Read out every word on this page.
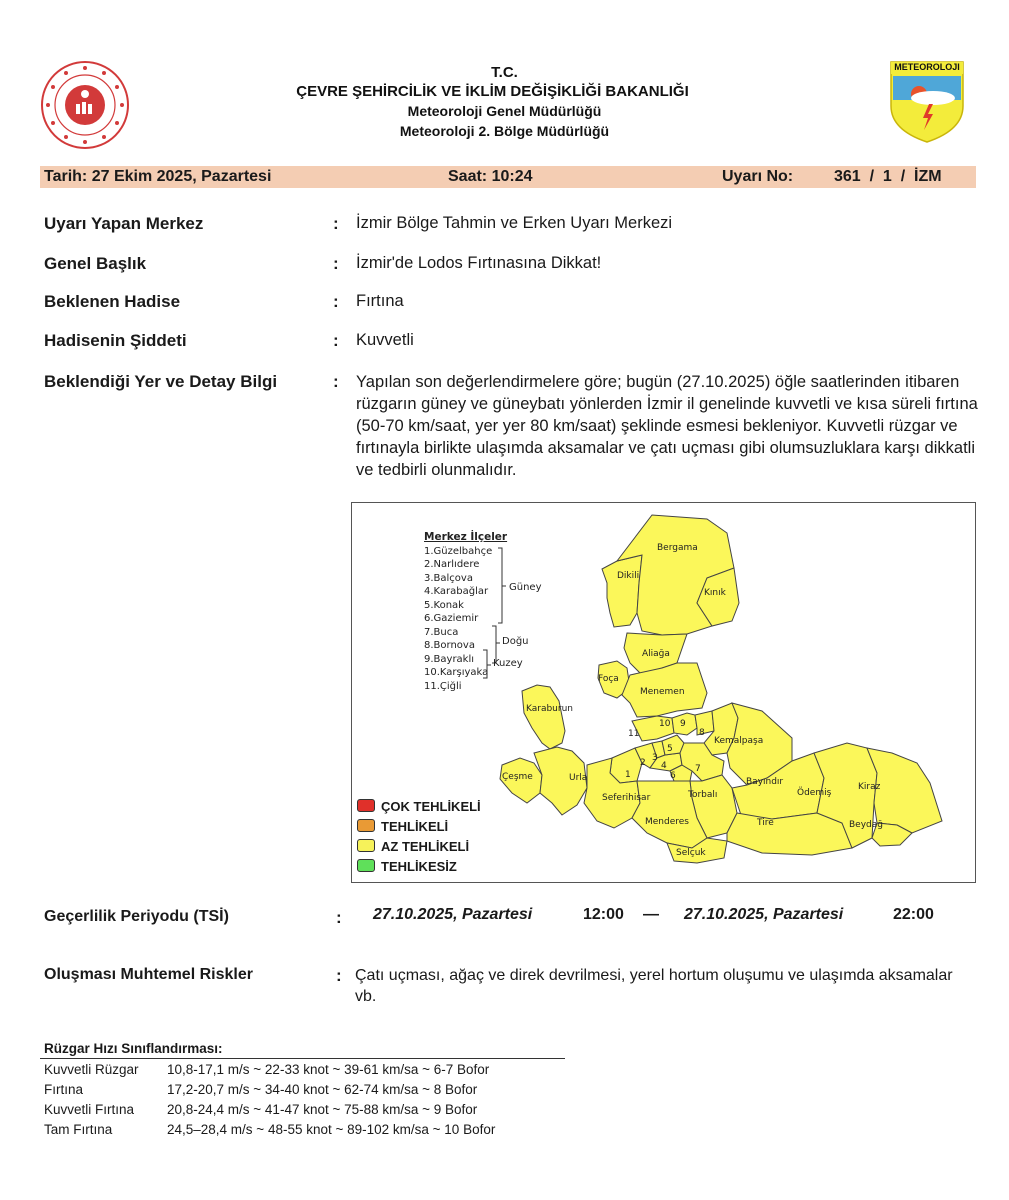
METEOROLOJI
T.C.
ÇEVRE ŞEHİRCİLİK VE İKLİM DEĞİŞİKLİĞİ BAKANLIĞI
Meteoroloji Genel Müdürlüğü
Meteoroloji 2. Bölge Müdürlüğü
Tarih: 27 Ekim 2025, Pazartesi	Saat: 10:24	Uyarı No:	361  /  1  /  İZM
Uyarı Yapan Merkez	: İzmir Bölge Tahmin ve Erken Uyarı Merkezi
Genel Başlık	: İzmir'de Lodos Fırtınasına Dikkat!
Beklenen Hadise	: Fırtına
Hadisenin Şiddeti	: Kuvvetli
Beklendiği Yer ve Detay Bilgi	: Yapılan son değerlendirmelere göre; bugün (27.10.2025) öğle saatlerinden itibaren rüzgarın güney ve güneybatı yönlerden İzmir il genelinde kuvvetli ve kısa süreli fırtına (50-70 km/saat, yer yer 80 km/saat) şeklinde esmesi bekleniyor. Kuvvetli rüzgar ve fırtınayla birlikte ulaşımda aksamalar ve çatı uçması gibi olumsuzluklara karşı dikkatli ve tedbirli olunmalıdır.
Bergama
Dikili
Kınık
Aliağa
Foça
Menemen
Karaburun
Kemalpaşa
Çeşme	Urla
Seferihisar	Torbalı
Bayındır
Ödemiş
Kiraz
Menderes	Tire	Beydağ
Selçuk
1
2 3
4
5
6
7
8
9
10
11
Merkez İlçeler
1.Güzelbahçe
2.Narlıdere
3.Balçova
4.Karabağlar
5.Konak
6.Gaziemir
7.Buca
8.Bornova
9.Bayraklı
10.Karşıyaka
11.Çiğli
Güney
Doğu
Kuzey
ÇOK TEHLİKELİ
TEHLİKELİ
AZ TEHLİKELİ
TEHLİKESİZ
Geçerlilik Periyodu (TSİ)	: 27.10.2025, Pazartesi	12:00 — 27.10.2025, Pazartesi	22:00
Oluşması Muhtemel Riskler	: Çatı uçması, ağaç ve direk devrilmesi, yerel hortum oluşumu ve ulaşımda aksamalar vb.
Rüzgar Hızı Sınıflandırması:
Kuvvetli Rüzgar 10,8-17,1 m/s ~ 22-33 knot ~ 39-61 km/sa ~ 6-7 Bofor
Fırtına	17,2-20,7 m/s ~ 34-40 knot ~ 62-74 km/sa ~ 8 Bofor
Kuvvetli Fırtına 20,8-24,4 m/s ~ 41-47 knot ~ 75-88 km/sa ~ 9 Bofor
Tam Fırtına	24,5–28,4 m/s ~ 48-55 knot ~ 89-102 km/sa ~ 10 Bofor
